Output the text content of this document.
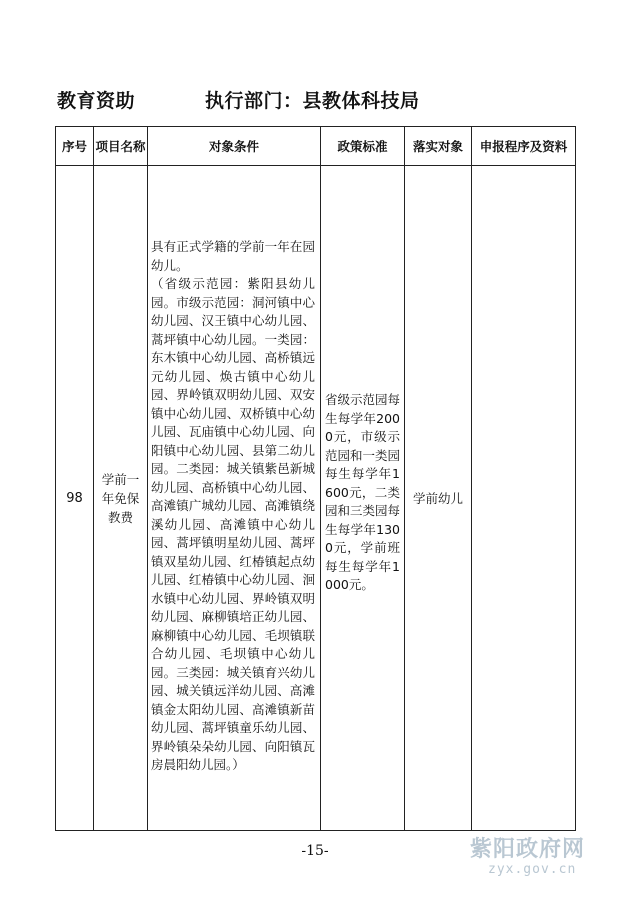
教育资助	执行部门：县教体科技局
序号	项目名称	对象条件	政策标准	落实对象	申报程序及资料
98	学前一年免保教费	具有正式学籍的学前一年在园幼儿。
（省级示范园：紫阳县幼儿园。市级示范园：洞河镇中心幼儿园、汉王镇中心幼儿园、蒿坪镇中心幼儿园。一类园：东木镇中心幼儿园、高桥镇远元幼儿园、焕古镇中心幼儿园、界岭镇双明幼儿园、双安镇中心幼儿园、双桥镇中心幼儿园、瓦庙镇中心幼儿园、向阳镇中心幼儿园、县第二幼儿园。二类园：城关镇紫邑新城幼儿园、高桥镇中心幼儿园、高滩镇广城幼儿园、高滩镇绕溪幼儿园、高滩镇中心幼儿园、蒿坪镇明星幼儿园、蒿坪镇双星幼儿园、红椿镇起点幼儿园、红椿镇中心幼儿园、洄水镇中心幼儿园、界岭镇双明幼儿园、麻柳镇培正幼儿园、麻柳镇中心幼儿园、毛坝镇联合幼儿园、毛坝镇中心幼儿园。三类园：城关镇育兴幼儿园、城关镇远洋幼儿园、高滩镇金太阳幼儿园、高滩镇新苗幼儿园、蒿坪镇童乐幼儿园、界岭镇朵朵幼儿园、向阳镇瓦房晨阳幼儿园。）	省级示范园每生每学年2000元，市级示范园和一类园每生每学年1600元，二类园和三类园每生每学年1300元，学前班每生每学年1000元。	学前幼儿	
-15-	紫阳政府网
zyx.gov.cn
